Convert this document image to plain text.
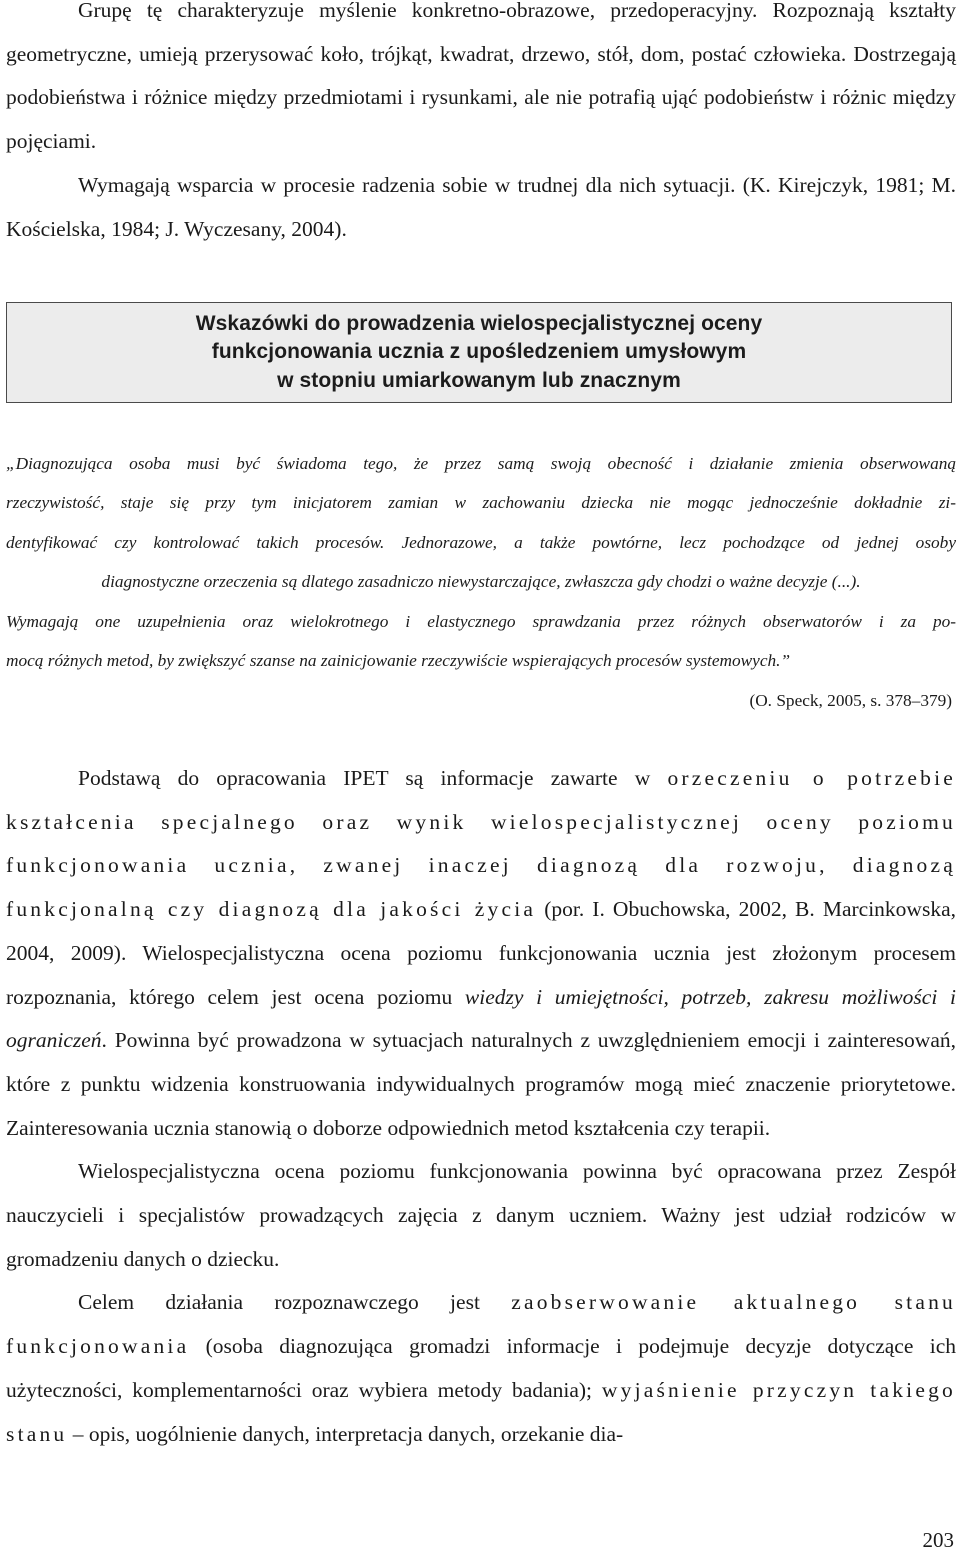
Grupę tę charakteryzuje myślenie konkretno-obrazowe, przedoperacyjny. Rozpoznają kształty geometryczne, umieją przerysować koło, trójkąt, kwadrat, drzewo, stół, dom, postać człowieka. Dostrzegają podobieństwa i różnice między przedmiotami i rysunkami, ale nie potrafią ująć podobieństw i różnic między pojęciami.

Wymagają wsparcia w procesie radzenia sobie w trudnej dla nich sytuacji. (K. Kirejczyk, 1981; M. Kościelska, 1984; J. Wyczesany, 2004).

Wskazówki do prowadzenia wielospecjalistycznej oceny
funkcjonowania ucznia z upośledzeniem umysłowym
w stopniu umiarkowanym lub znacznym

„Diagnozująca osoba musi być świadoma tego, że przez samą swoją obecność i działanie zmienia obserwowaną
rzeczywistość, staje się przy tym inicjatorem zamian w zachowaniu dziecka nie mogąc jednocześnie dokładnie zi-
dentyfikować czy kontrolować takich procesów. Jednorazowe, a także powtórne, lecz pochodzące od jednej osoby
diagnostyczne orzeczenia są dlatego zasadniczo niewystarczające, zwłaszcza gdy chodzi o ważne decyzje (...).
Wymagają one uzupełnienia oraz wielokrotnego i elastycznego sprawdzania przez różnych obserwatorów i za po-
mocą różnych metod, by zwiększyć szanse na zainicjowanie rzeczywiście wspierających procesów systemowych.”

(O. Speck, 2005, s. 378–379)

Podstawą do opracowania IPET są informacje zawarte w orzeczeniu o potrzebie kształcenia specjalnego oraz wynik wielospecjalistycznej oceny poziomu funkcjonowania ucznia, zwanej inaczej diagnozą dla rozwoju, diagnozą funkcjonalną czy diagnozą dla jakości życia (por. I. Obuchowska, 2002, B. Marcinkowska, 2004, 2009). Wielospecjalistyczna ocena poziomu funkcjonowania ucznia jest złożonym procesem rozpoznania, którego celem jest ocena poziomu wiedzy i umiejętności, potrzeb, zakresu możliwości i ograniczeń. Powinna być prowadzona w sytuacjach naturalnych z uwzględnieniem emocji i zainteresowań, które z punktu widzenia konstruowania indywidualnych programów mogą mieć znaczenie priorytetowe. Zainteresowania ucznia stanowią o doborze odpowiednich metod kształcenia czy terapii.

Wielospecjalistyczna ocena poziomu funkcjonowania powinna być opracowana przez Zespół nauczycieli i specjalistów prowadzących zajęcia z danym uczniem. Ważny jest udział rodziców w gromadzeniu danych o dziecku.

Celem działania rozpoznawczego jest zaobserwowanie aktualnego stanu funkcjonowania (osoba diagnozująca gromadzi informacje i podejmuje decyzje dotyczące ich użyteczności, komplementarności oraz wybiera metody badania); wyjaśnienie przyczyn takiego stanu – opis, uogólnienie danych, interpretacja danych, orzekanie dia-

203
